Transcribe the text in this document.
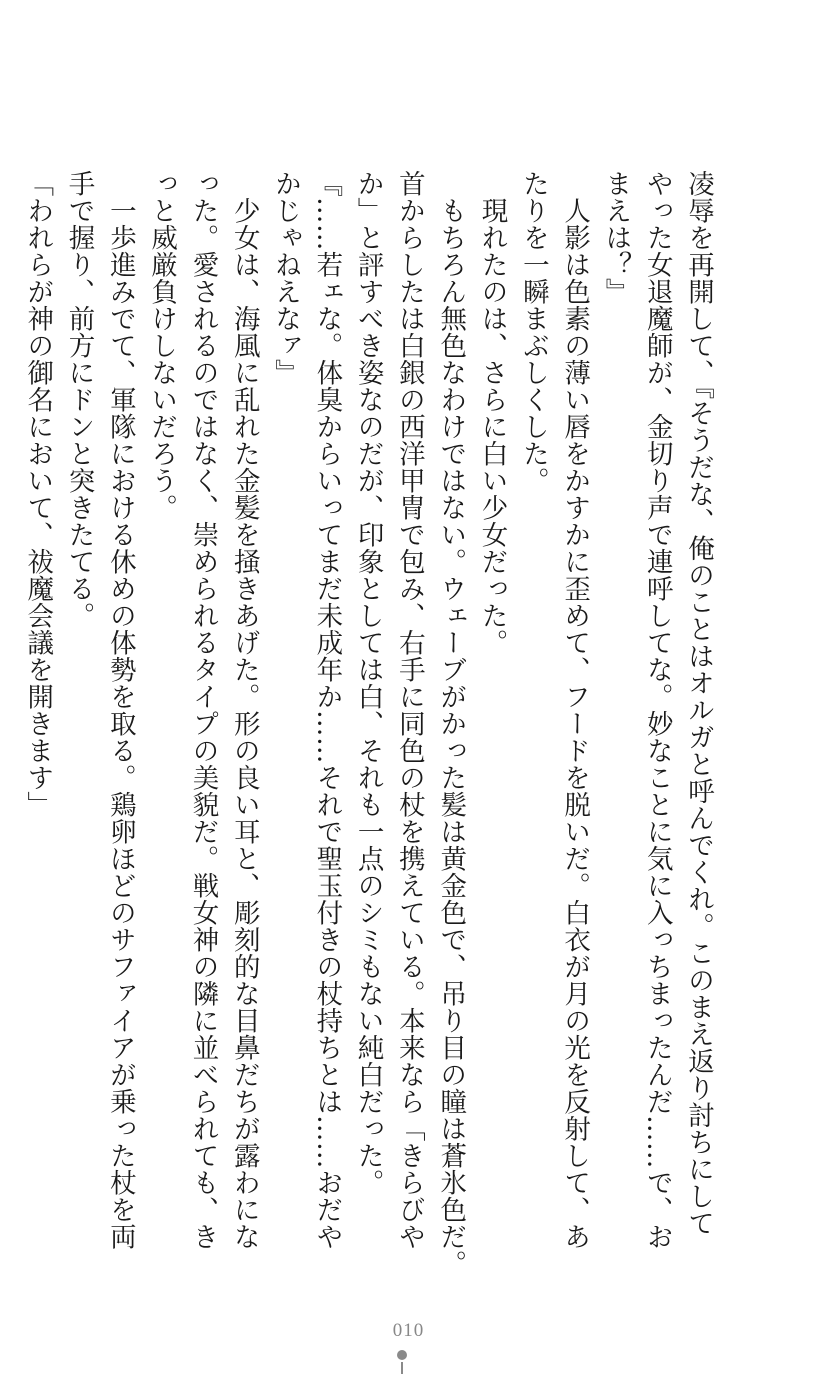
凌辱を再開して、『そうだな、俺のことはオルガと呼んでくれ。このまえ返り討ちにして

やった女退魔師が、金切り声で連呼してな。妙なことに気に入っちまったんだ……で、お

まえは？』

　人影は色素の薄い唇をかすかに歪めて、フードを脱いだ。白衣が月の光を反射して、あ

たりを一瞬まぶしくした。

　現れたのは、さらに白い少女だった。

　もちろん無色なわけではない。ウェーブがかった髪は黄金色で、吊り目の瞳は蒼氷色だ。

首からしたは白銀の西洋甲冑で包み、右手に同色の杖を携えている。本来なら「きらびや

か」と評すべき姿なのだが、印象としては白、それも一点のシミもない純白だった。

『……若ェな。体臭からいってまだ未成年か……それで聖玉付きの杖持ちとは……おだや

かじゃねえなァ』

　少女は、海風に乱れた金髪を掻きあげた。形の良い耳と、彫刻的な目鼻だちが露わにな

った。愛されるのではなく、崇められるタイプの美貌だ。戦女神の隣に並べられても、き

っと威厳負けしないだろう。

　一歩進みでて、軍隊における休めの体勢を取る。鶏卵ほどのサファイアが乗った杖を両

手で握り、前方にドンと突きたてる。

「われらが神の御名において、祓魔会議を開きます」

010
